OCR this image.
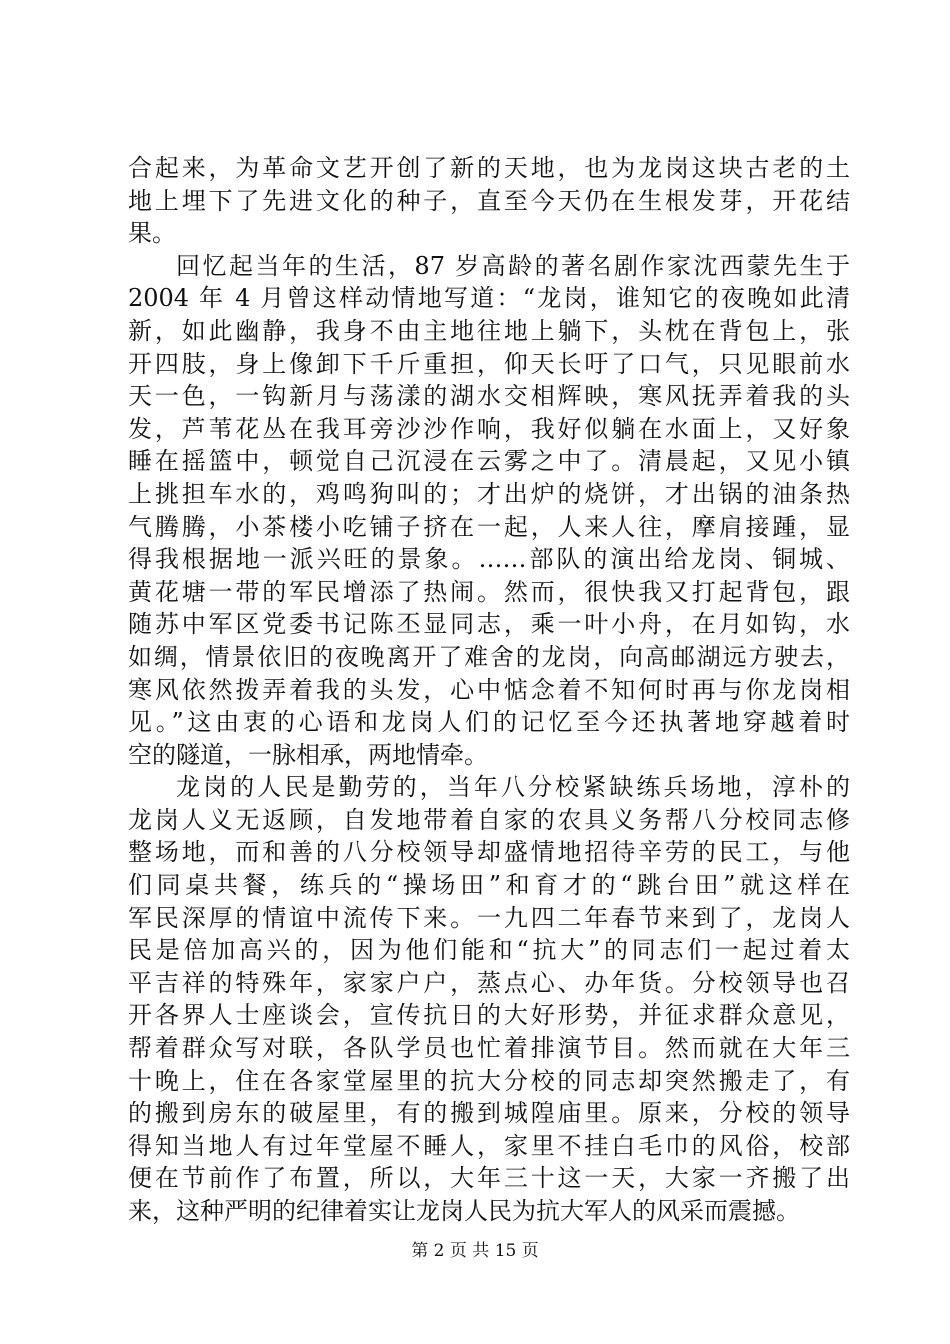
合起来，为革命文艺开创了新的天地，也为龙岗这块古老的土
地上埋下了先进文化的种子，直至今天仍在生根发芽，开花结
果。
回忆起当年的生活，87 岁高龄的著名剧作家沈西蒙先生于
2004 年 4 月曾这样动情地写道：“龙岗，谁知它的夜晚如此清
新，如此幽静，我身不由主地往地上躺下，头枕在背包上，张
开四肢，身上像卸下千斤重担，仰天长吁了口气，只见眼前水
天一色，一钩新月与荡漾的湖水交相辉映，寒风抚弄着我的头
发，芦苇花丛在我耳旁沙沙作响，我好似躺在水面上，又好象
睡在摇篮中，顿觉自己沉浸在云雾之中了。清晨起，又见小镇
上挑担车水的，鸡鸣狗叫的；才出炉的烧饼，才出锅的油条热
气腾腾，小茶楼小吃铺子挤在一起，人来人往，摩肩接踵，显
得我根据地一派兴旺的景象。……部队的演出给龙岗、铜城、
黄花塘一带的军民增添了热闹。然而，很快我又打起背包，跟
随苏中军区党委书记陈丕显同志，乘一叶小舟，在月如钩，水
如绸，情景依旧的夜晚离开了难舍的龙岗，向高邮湖远方驶去，
寒风依然拨弄着我的头发，心中惦念着不知何时再与你龙岗相
见。”这由衷的心语和龙岗人们的记忆至今还执著地穿越着时
空的隧道，一脉相承，两地情牵。
龙岗的人民是勤劳的，当年八分校紧缺练兵场地，淳朴的
龙岗人义无返顾，自发地带着自家的农具义务帮八分校同志修
整场地，而和善的八分校领导却盛情地招待辛劳的民工，与他
们同桌共餐，练兵的“操场田”和育才的“跳台田”就这样在
军民深厚的情谊中流传下来。一九四二年春节来到了，龙岗人
民是倍加高兴的，因为他们能和“抗大”的同志们一起过着太
平吉祥的特殊年，家家户户，蒸点心、办年货。分校领导也召
开各界人士座谈会，宣传抗日的大好形势，并征求群众意见，
帮着群众写对联，各队学员也忙着排演节目。然而就在大年三
十晚上，住在各家堂屋里的抗大分校的同志却突然搬走了，有
的搬到房东的破屋里，有的搬到城隍庙里。原来，分校的领导
得知当地人有过年堂屋不睡人，家里不挂白毛巾的风俗，校部
便在节前作了布置，所以，大年三十这一天，大家一齐搬了出
来，这种严明的纪律着实让龙岗人民为抗大军人的风采而震撼。
第 2 页 共 15 页
